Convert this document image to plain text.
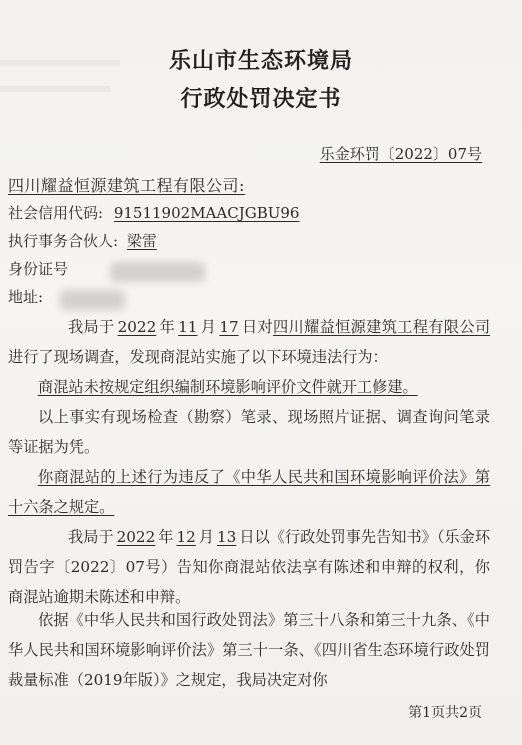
乐山市生态环境局
行政处罚决定书
乐金环罚〔2022〕07号
四川耀益恒源建筑工程有限公司:
社会信用代码: 91511902MAACJGBU96
执行事务合伙人: 梁雷
身份证号
地址:
我局于 2022 年 11 月 17 日对四川耀益恒源建筑工程有限公司进行了现场调查，发现商混站实施了以下环境违法行为：
商混站未按规定组织编制环境影响评价文件就开工修建。
以上事实有现场检查（勘察）笔录、现场照片证据、调查询问笔录等证据为凭。
你商混站的上述行为违反了《中华人民共和国环境影响评价法》第十六条之规定。
我局于 2022 年 12 月 13 日以《行政处罚事先告知书》（乐金环罚告字〔2022〕07号）告知你商混站依法享有陈述和申辩的权利，你商混站逾期未陈述和申辩。
依据《中华人民共和国行政处罚法》第三十八条和第三十九条、《中华人民共和国环境影响评价法》第三十一条、《四川省生态环境行政处罚裁量标准（2019年版）》之规定，我局决定对你
第1页共2页
